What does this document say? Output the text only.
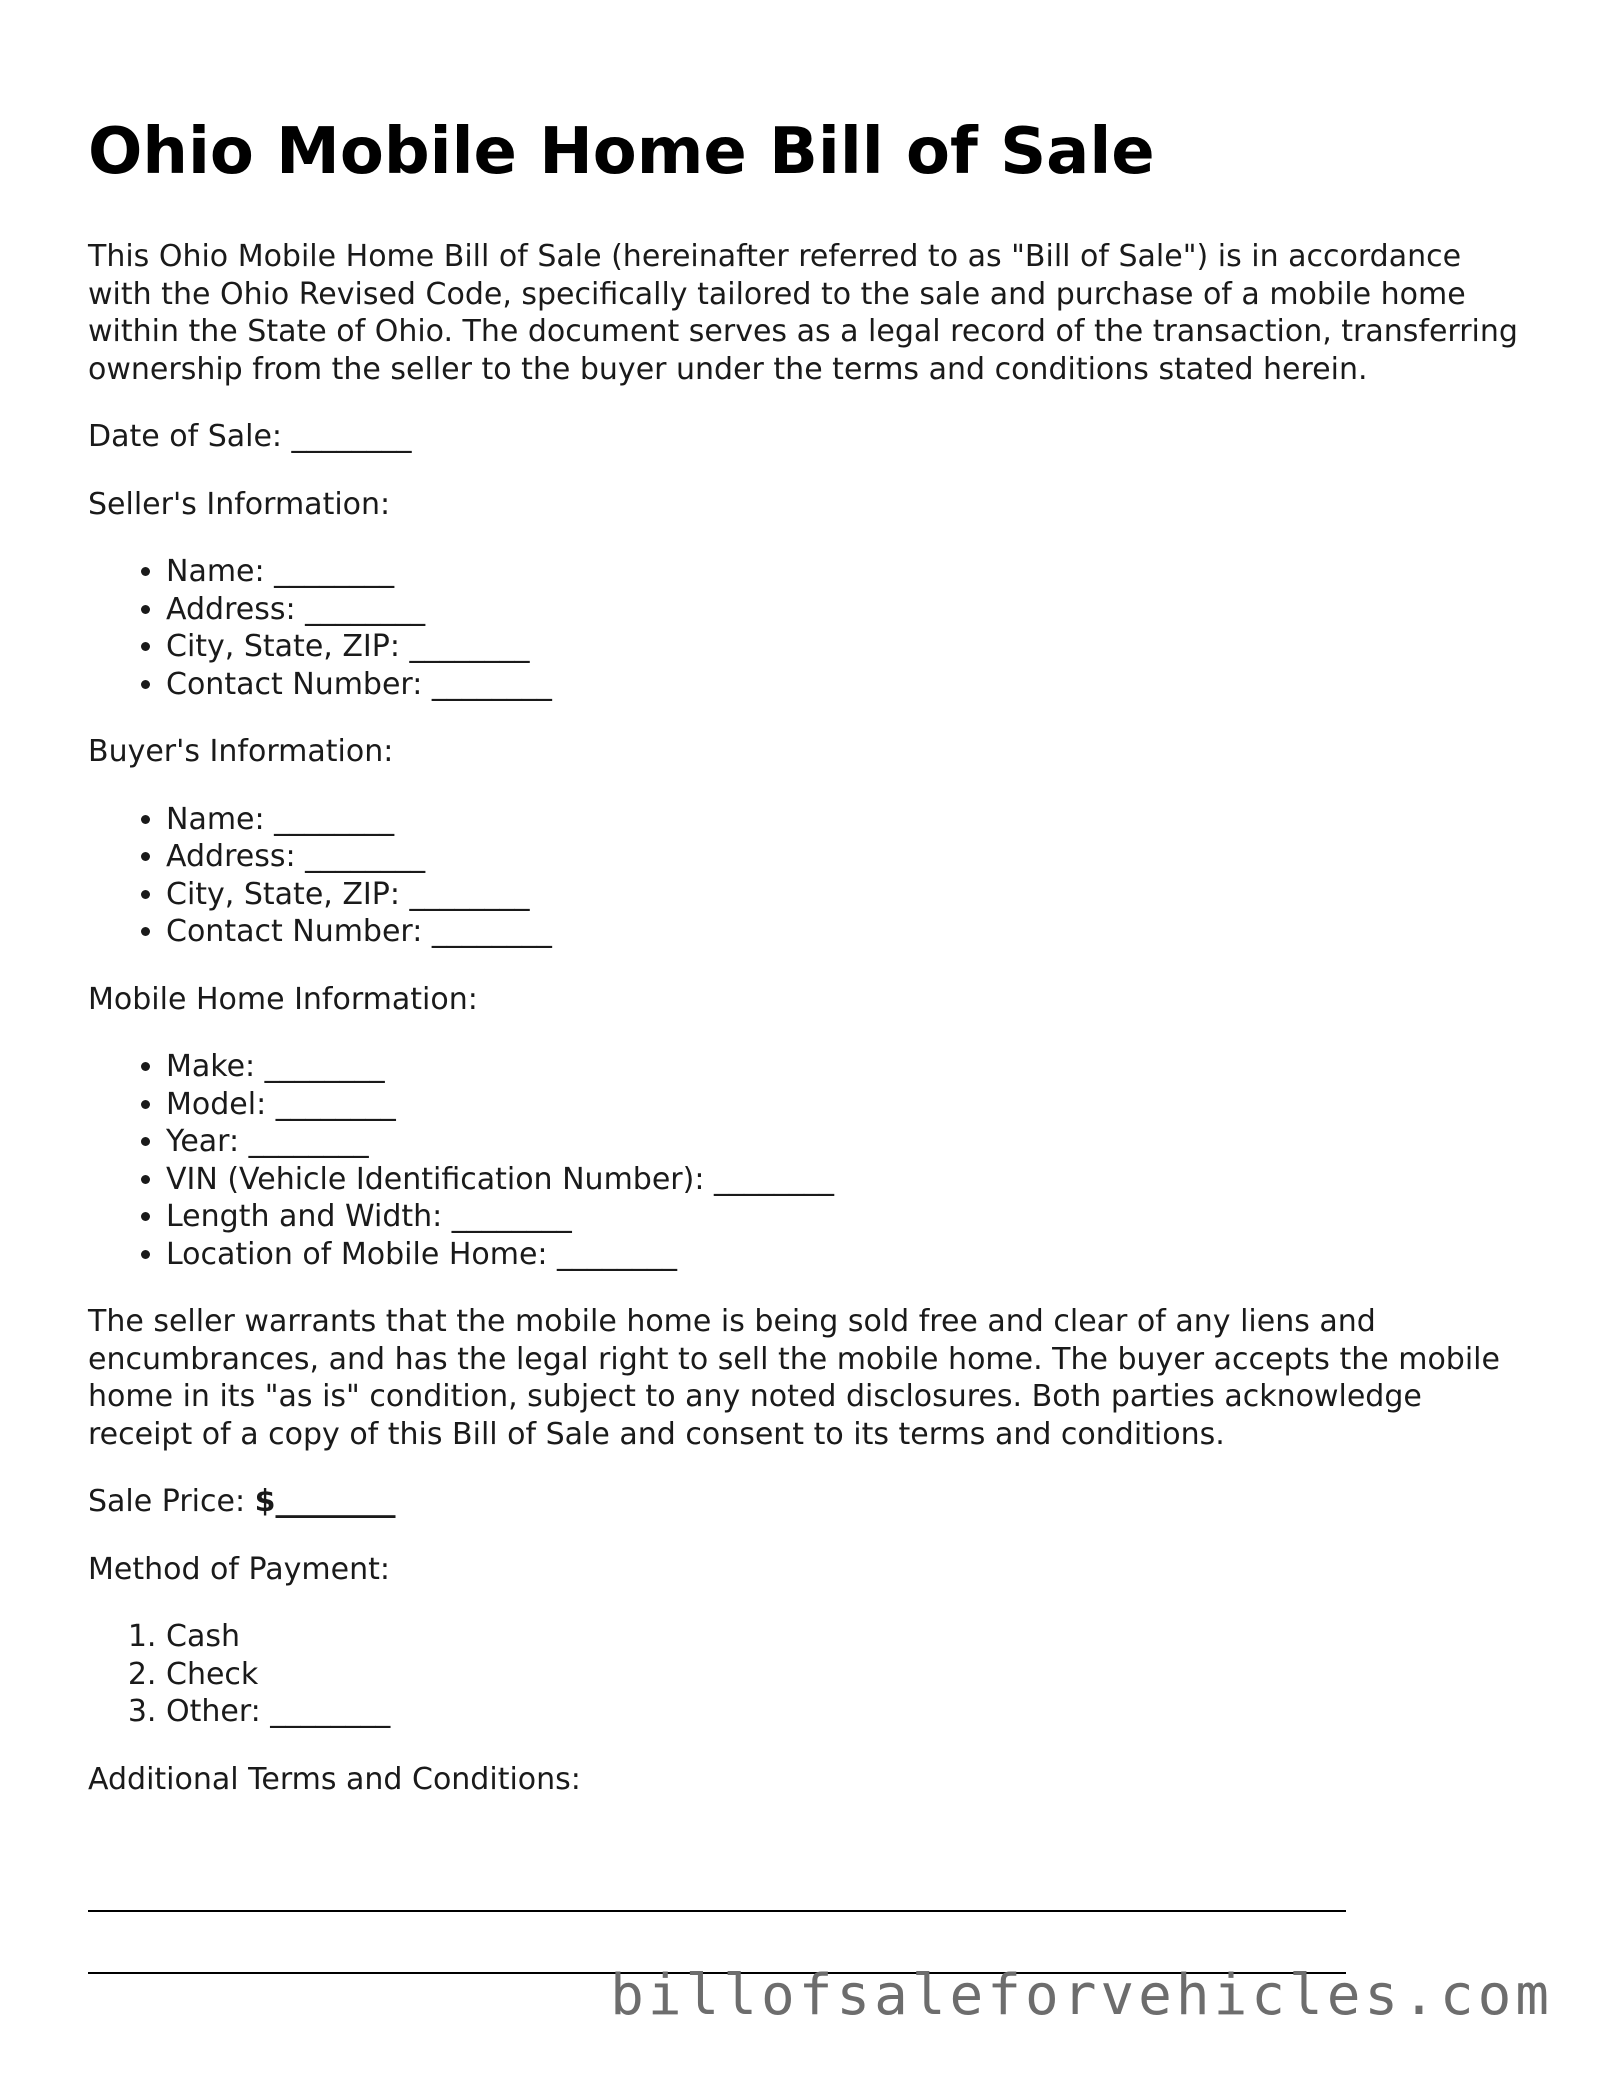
Ohio Mobile Home Bill of Sale

This Ohio Mobile Home Bill of Sale (hereinafter referred to as "Bill of Sale") is in accordance with the Ohio Revised Code, specifically tailored to the sale and purchase of a mobile home within the State of Ohio. The document serves as a legal record of the transaction, transferring ownership from the seller to the buyer under the terms and conditions stated herein.

Date of Sale: ________

Seller's Information:

• Name: ________
• Address: ________
• City, State, ZIP: ________
• Contact Number: ________

Buyer's Information:

• Name: ________
• Address: ________
• City, State, ZIP: ________
• Contact Number: ________

Mobile Home Information:

• Make: ________
• Model: ________
• Year: ________
• VIN (Vehicle Identification Number): ________
• Length and Width: ________
• Location of Mobile Home: ________

The seller warrants that the mobile home is being sold free and clear of any liens and encumbrances, and has the legal right to sell the mobile home. The buyer accepts the mobile home in its "as is" condition, subject to any noted disclosures. Both parties acknowledge receipt of a copy of this Bill of Sale and consent to its terms and conditions.

Sale Price: $________

Method of Payment:

1. Cash
2. Check
3. Other: ________

Additional Terms and Conditions:

billofsaleforvehicles.com
